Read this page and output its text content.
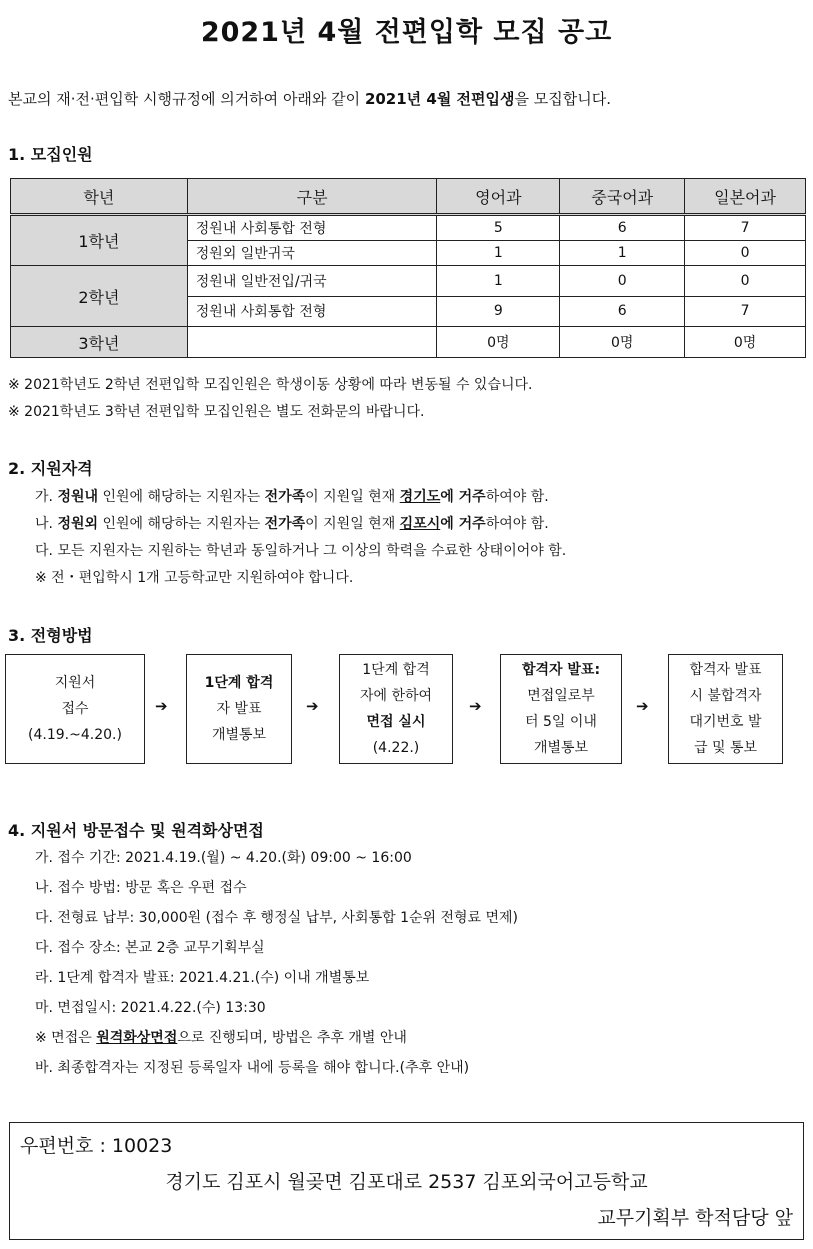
2021년 4월 전편입학 모집 공고
본교의 재·전·편입학 시행규정에 의거하여 아래와 같이 2021년 4월 전편입생을 모집합니다.
1. 모집인원
학년	구분	영어과	중국어과	일본어과
1학년	정원내 사회통합 전형	5	6	7
	정원외 일반귀국	1	1	0
2학년	정원내 일반전입/귀국	1	0	0
	정원내 사회통합 전형	9	6	7
3학년		0명	0명	0명
※ 2021학년도 2학년 전편입학 모집인원은 학생이동 상황에 따라 변동될 수 있습니다.
※ 2021학년도 3학년 전편입학 모집인원은 별도 전화문의 바랍니다.
2. 지원자격
가. 정원내 인원에 해당하는 지원자는 전가족이 지원일 현재 경기도에 거주하여야 함.
나. 정원외 인원에 해당하는 지원자는 전가족이 지원일 현재 김포시에 거주하여야 함.
다. 모든 지원자는 지원하는 학년과 동일하거나 그 이상의 학력을 수료한 상태이어야 함.
※ 전・편입학시 1개 고등학교만 지원하여야 합니다.
3. 전형방법
지원서
접수
(4.19.~4.20.)
➔
1단계 합격
자 발표
개별통보
➔
1단계 합격
자에 한하여
면접 실시
(4.22.)
➔
합격자 발표:
면접일로부
터 5일 이내
개별통보
➔
합격자 발표
시 불합격자
대기번호 발
급 및 통보
4. 지원서 방문접수 및 원격화상면접
가. 접수 기간: 2021.4.19.(월) ~ 4.20.(화) 09:00 ~ 16:00
나. 접수 방법: 방문 혹은 우편 접수
다. 전형료 납부: 30,000원 (접수 후 행정실 납부, 사회통합 1순위 전형료 면제)
다. 접수 장소: 본교 2층 교무기획부실
라. 1단계 합격자 발표: 2021.4.21.(수) 이내 개별통보
마. 면접일시: 2021.4.22.(수) 13:30
※ 면접은 원격화상면접으로 진행되며, 방법은 추후 개별 안내
바. 최종합격자는 지정된 등록일자 내에 등록을 해야 합니다.(추후 안내)
우편번호 : 10023
경기도 김포시 월곶면 김포대로 2537 김포외국어고등학교
교무기획부 학적담당 앞
